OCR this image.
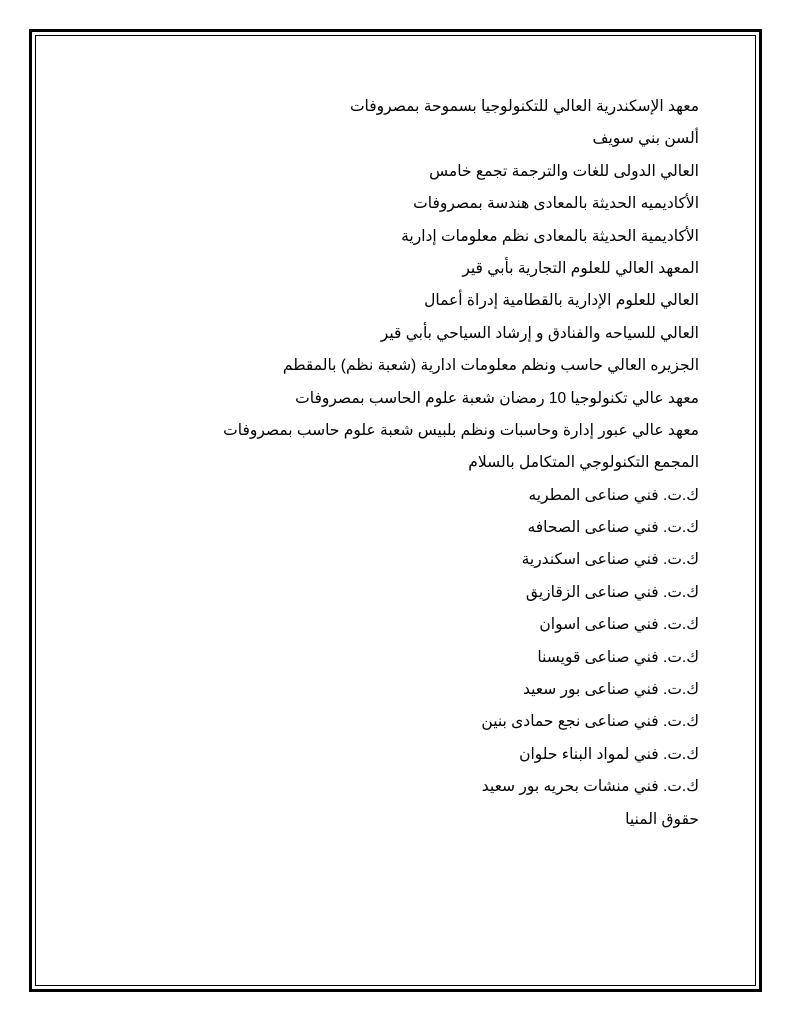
معهد الإسكندرية العالي للتكنولوجيا بسموحة بمصروفات
ألسن بني سويف
العالي الدولى للغات والترجمة تجمع خامس
الأكاديميه الحديثة بالمعادى هندسة بمصروفات
الأكاديمية الحديثة بالمعادى نظم معلومات إدارية
المعهد العالي للعلوم التجارية بأبي قير
العالي للعلوم الإدارية بالقطامية إدراة أعمال
العالي للسياحه والفنادق و إرشاد السياحي بأبي قير
الجزيره العالي حاسب ونظم معلومات ادارية (شعبة نظم) بالمقطم
معهد عالي تكنولوجيا 10 رمضان شعبة علوم الحاسب بمصروفات
معهد عالي عبور إدارة وحاسبات ونظم بلبيس شعبة علوم حاسب بمصروفات
المجمع التكنولوجي المتكامل بالسلام
ك.ت. فني صناعى المطريه
ك.ت. فني صناعى الصحافه
ك.ت. فني صناعى اسكندرية
ك.ت. فني صناعى الزقازيق
ك.ت. فني صناعى اسوان
ك.ت. فني صناعى قويسنا
ك.ت. فني صناعى بور سعيد
ك.ت. فني صناعى نجع حمادى بنين
ك.ت. فني لمواد البناء حلوان
ك.ت. فني منشات بحريه بور سعيد
حقوق المنيا
